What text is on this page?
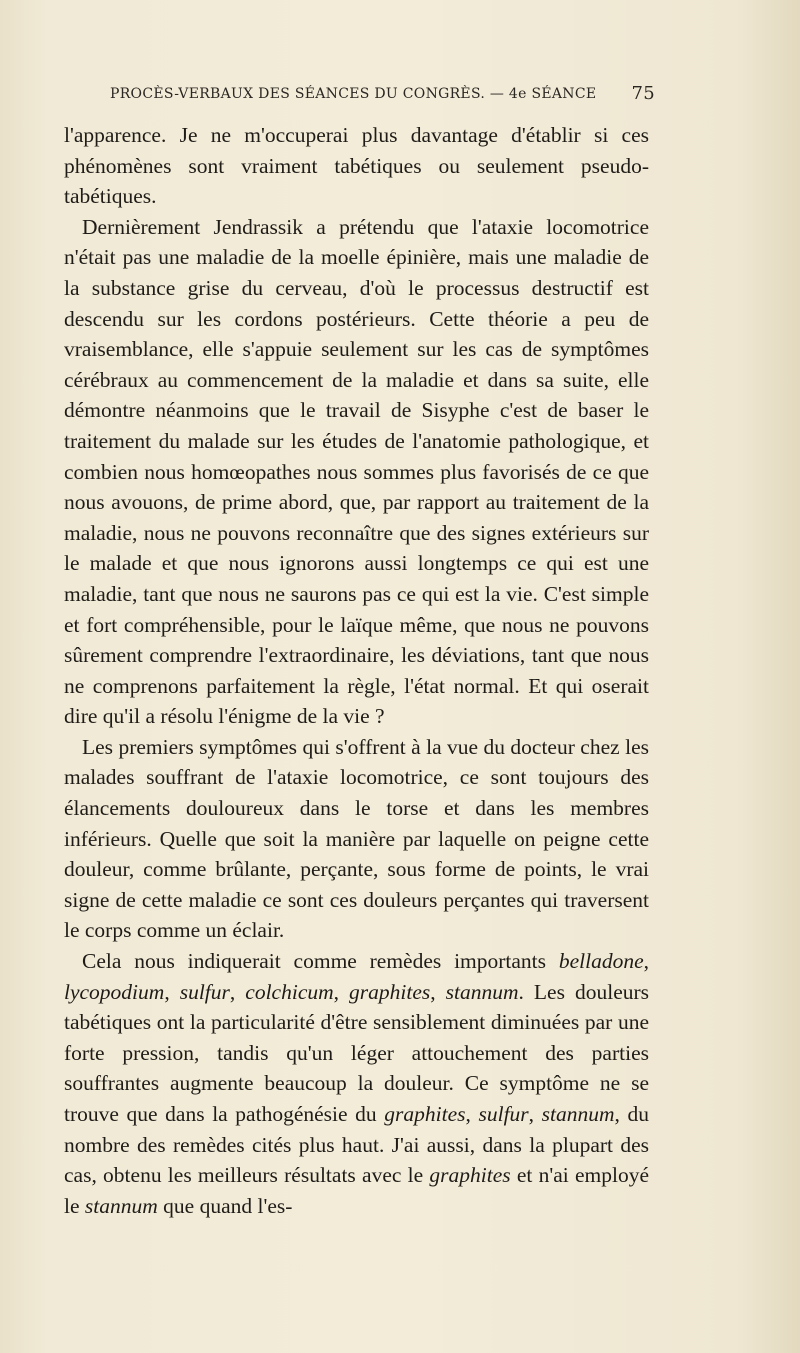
PROCÈS-VERBAUX DES SÉANCES DU CONGRÈS. — 4e SÉANCE 75

l'apparence. Je ne m'occuperai plus davantage d'établir si ces phénomènes sont vraiment tabétiques ou seulement pseudo-tabétiques.

Dernièrement Jendrassik a prétendu que l'ataxie locomotrice n'était pas une maladie de la moelle épinière, mais une maladie de la substance grise du cerveau, d'où le processus destructif est descendu sur les cordons postérieurs. Cette théorie a peu de vraisemblance, elle s'appuie seulement sur les cas de symptômes cérébraux au commencement de la maladie et dans sa suite, elle démontre néanmoins que le travail de Sisyphe c'est de baser le traitement du malade sur les études de l'anatomie pathologique, et combien nous homœopathes nous sommes plus favorisés de ce que nous avouons, de prime abord, que, par rapport au traitement de la maladie, nous ne pouvons reconnaître que des signes extérieurs sur le malade et que nous ignorons aussi longtemps ce qui est une maladie, tant que nous ne saurons pas ce qui est la vie. C'est simple et fort compréhensible, pour le laïque même, que nous ne pouvons sûrement comprendre l'extraordinaire, les déviations, tant que nous ne comprenons parfaitement la règle, l'état normal. Et qui oserait dire qu'il a résolu l'énigme de la vie ?

Les premiers symptômes qui s'offrent à la vue du docteur chez les malades souffrant de l'ataxie locomotrice, ce sont toujours des élancements douloureux dans le torse et dans les membres inférieurs. Quelle que soit la manière par laquelle on peigne cette douleur, comme brûlante, perçante, sous forme de points, le vrai signe de cette maladie ce sont ces douleurs perçantes qui traversent le corps comme un éclair.

Cela nous indiquerait comme remèdes importants belladone, lycopodium, sulfur, colchicum, graphites, stannum. Les douleurs tabétiques ont la particularité d'être sensiblement diminuées par une forte pression, tandis qu'un léger attouchement des parties souffrantes augmente beaucoup la douleur. Ce symptôme ne se trouve que dans la pathogénésie du graphites, sulfur, stannum, du nombre des remèdes cités plus haut. J'ai aussi, dans la plupart des cas, obtenu les meilleurs résultats avec le graphites et n'ai employé le stannum que quand l'es-
